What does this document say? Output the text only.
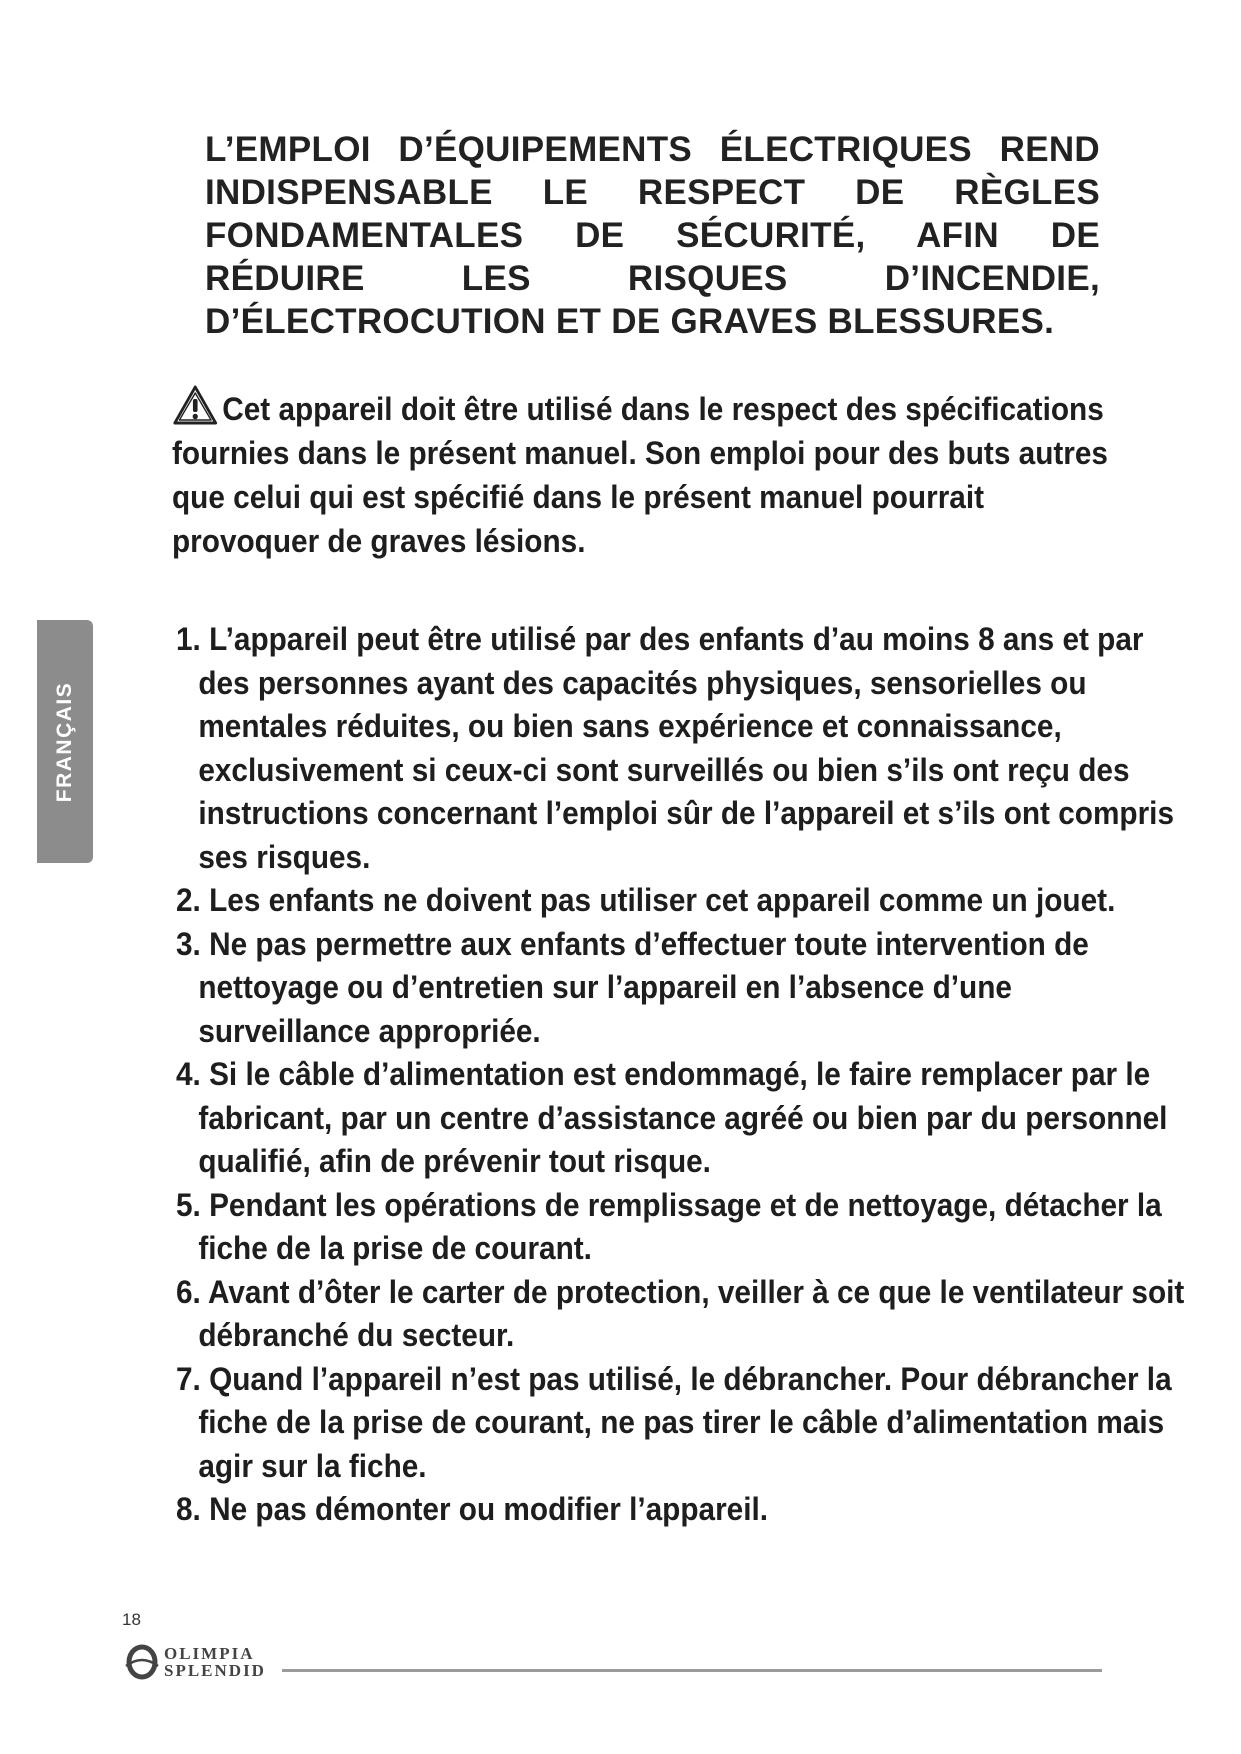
L’EMPLOI D’ÉQUIPEMENTS ÉLECTRIQUES REND INDISPENSABLE LE RESPECT DE RÈGLES FONDAMENTALES DE SÉCURITÉ, AFIN DE RÉDUIRE LES RISQUES D’INCENDIE, D’ÉLECTROCUTION ET DE GRAVES BLESSURES.
Cet appareil doit être utilisé dans le respect des spécifications fournies dans le présent manuel. Son emploi pour des buts autres que celui qui est spécifié dans le présent manuel pourrait provoquer de graves lésions.
1. L’appareil peut être utilisé par des enfants d’au moins 8 ans et par des personnes ayant des capacités physiques, sensorielles ou mentales réduites, ou bien sans expérience et connaissance, exclusivement si ceux-ci sont surveillés ou bien s’ils ont reçu des instructions concernant l’emploi sûr de l’appareil et s’ils ont compris ses risques.
2. Les enfants ne doivent pas utiliser cet appareil comme un jouet.
3. Ne pas permettre aux enfants d’effectuer toute intervention de nettoyage ou d’entretien sur l’appareil en l’absence d’une surveillance appropriée.
4. Si le câble d’alimentation est endommagé, le faire remplacer par le fabricant, par un centre d’assistance agréé ou bien par du personnel qualifié, afin de prévenir tout risque.
5. Pendant les opérations de remplissage et de nettoyage, détacher la fiche de la prise de courant.
6. Avant d’ôter le carter de protection, veiller à ce que le ventilateur soit débranché du secteur.
7. Quand l’appareil n’est pas utilisé, le débrancher. Pour débrancher la fiche de la prise de courant, ne pas tirer le câble d’alimentation mais agir sur la fiche.
8. Ne pas démonter ou modifier l’appareil.
FRANÇAIS
18
OLIMPIA
SPLENDID
